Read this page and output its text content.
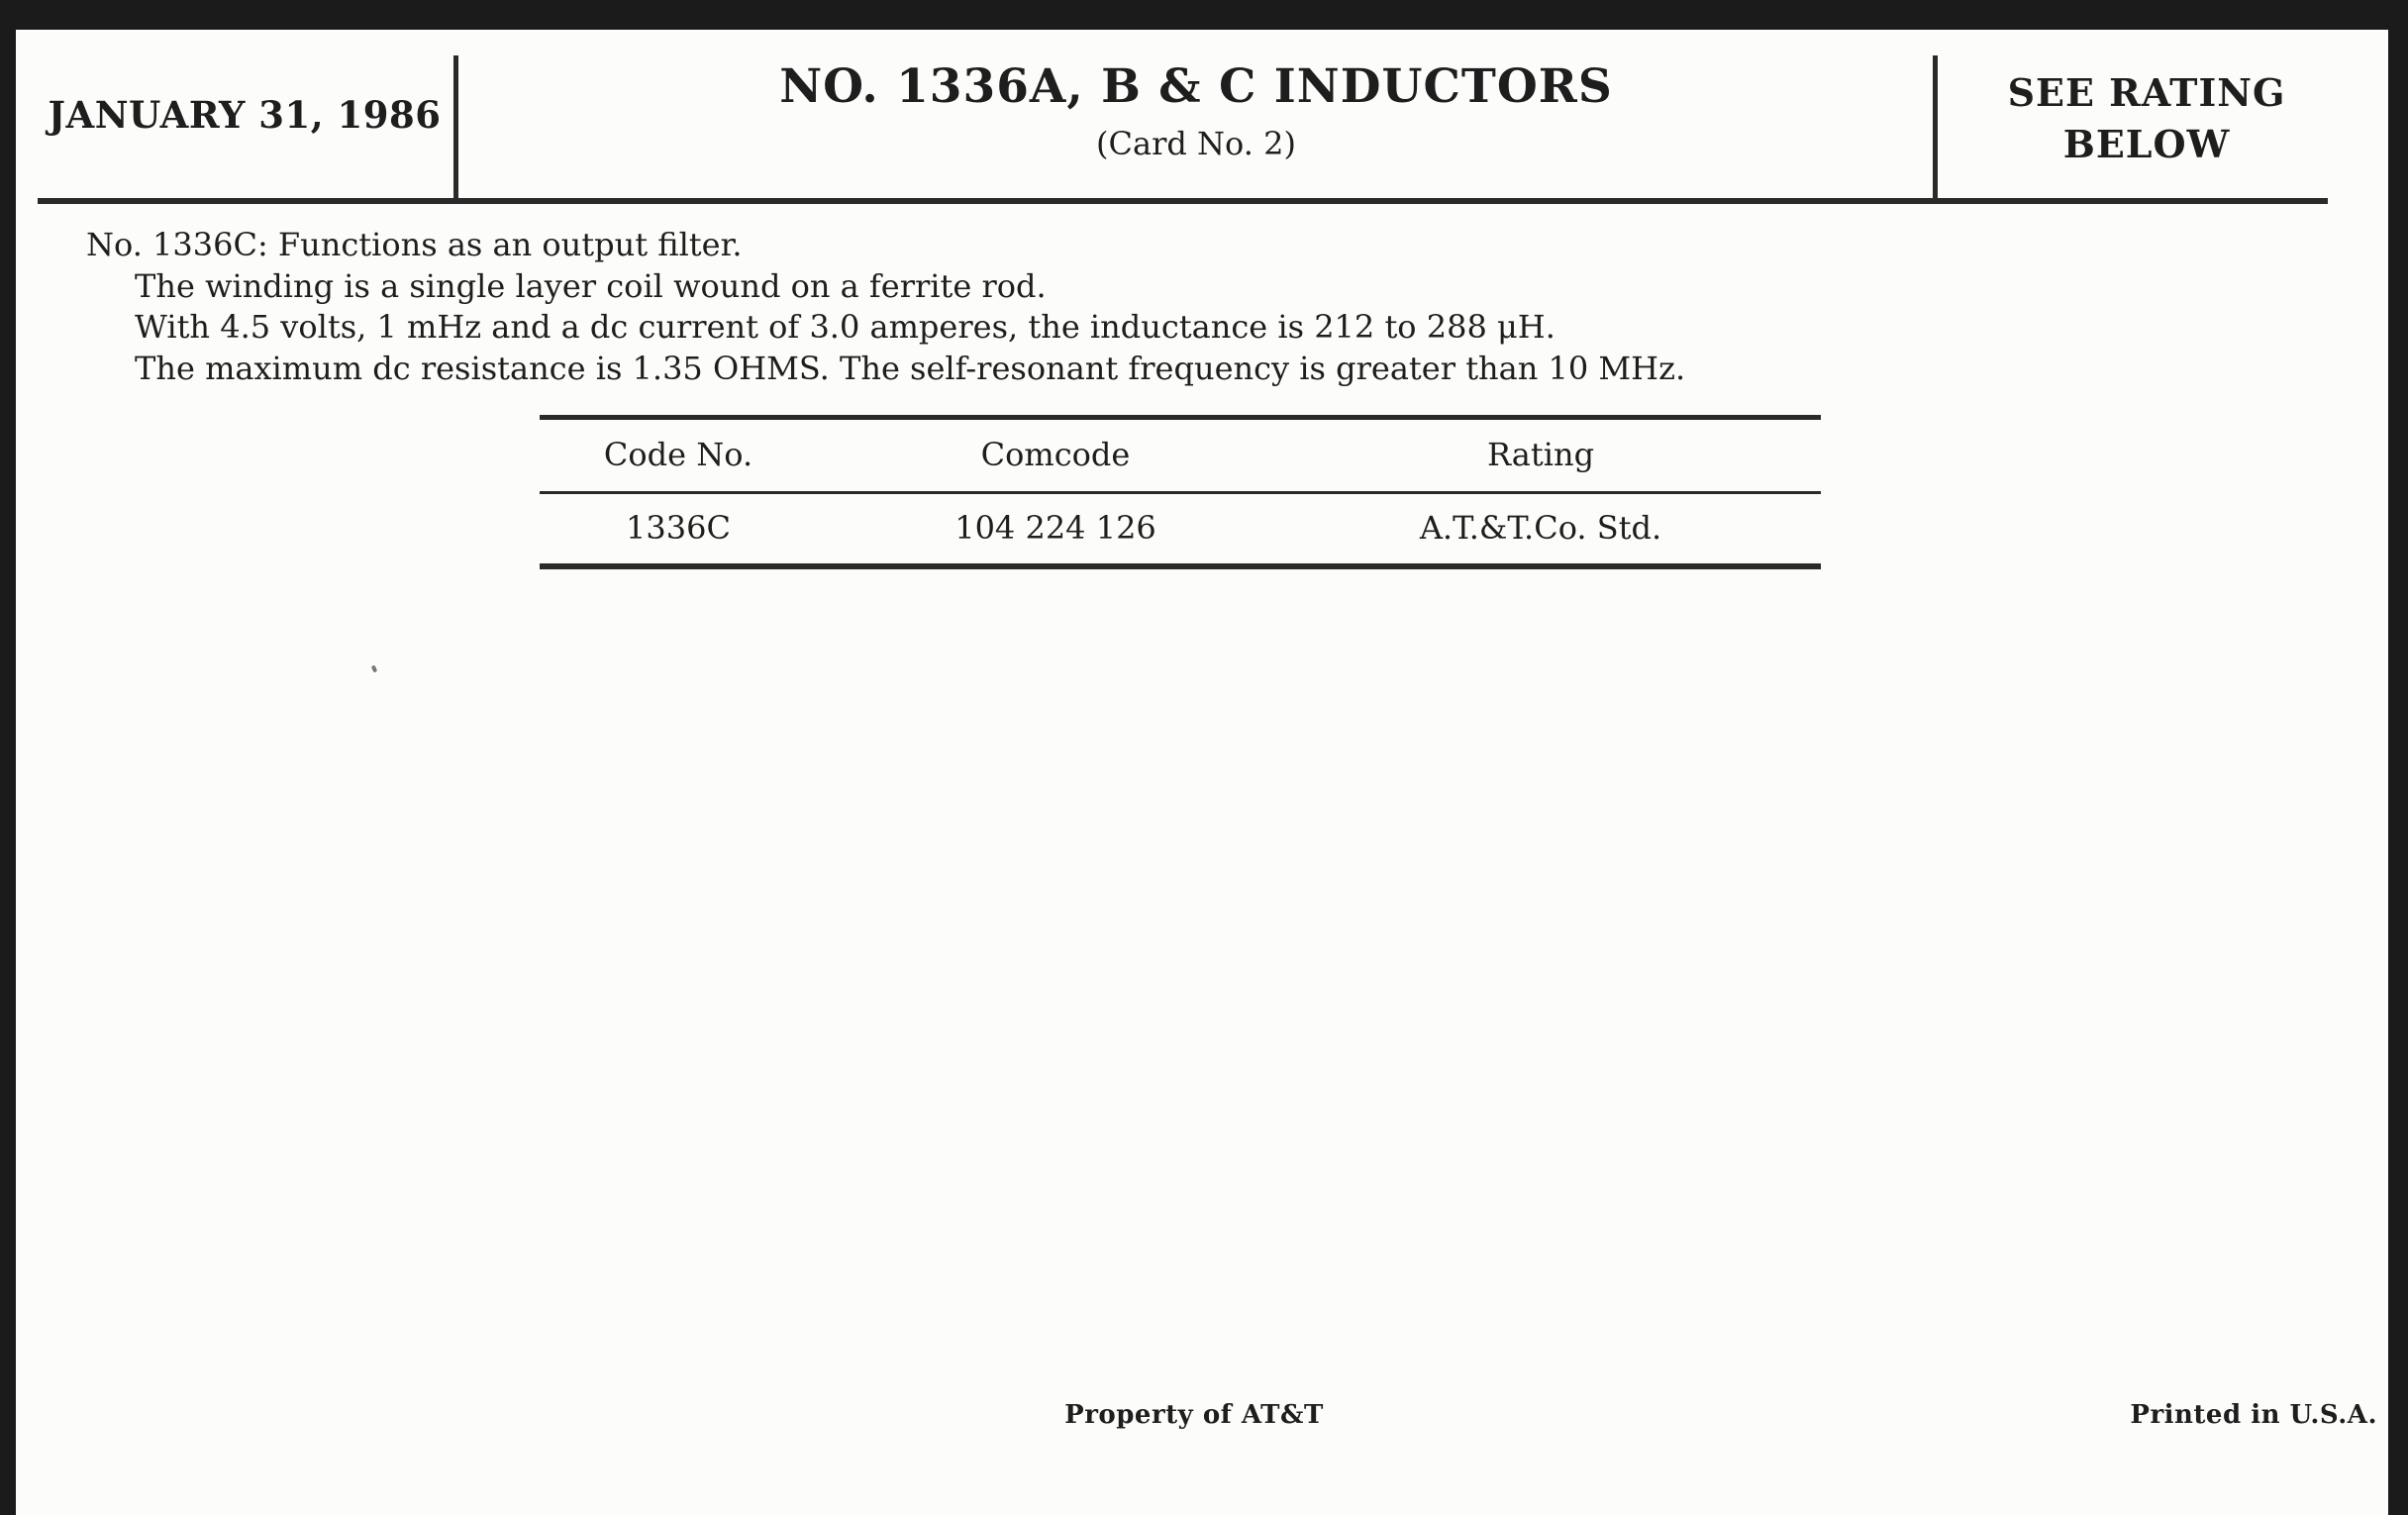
JANUARY 31, 1986
NO. 1336A, B & C INDUCTORS
(Card No. 2)
SEE RATING
BELOW
No. 1336C: Functions as an output filter.
The winding is a single layer coil wound on a ferrite rod.
With 4.5 volts, 1 mHz and a dc current of 3.0 amperes, the inductance is 212 to 288 μH.
The maximum dc resistance is 1.35 OHMS. The self-resonant frequency is greater than 10 MHz.
Code No.	Comcode	Rating
1336C	104 224 126	A.T.&T.Co. Std.
Property of AT&T	Printed in U.S.A.
